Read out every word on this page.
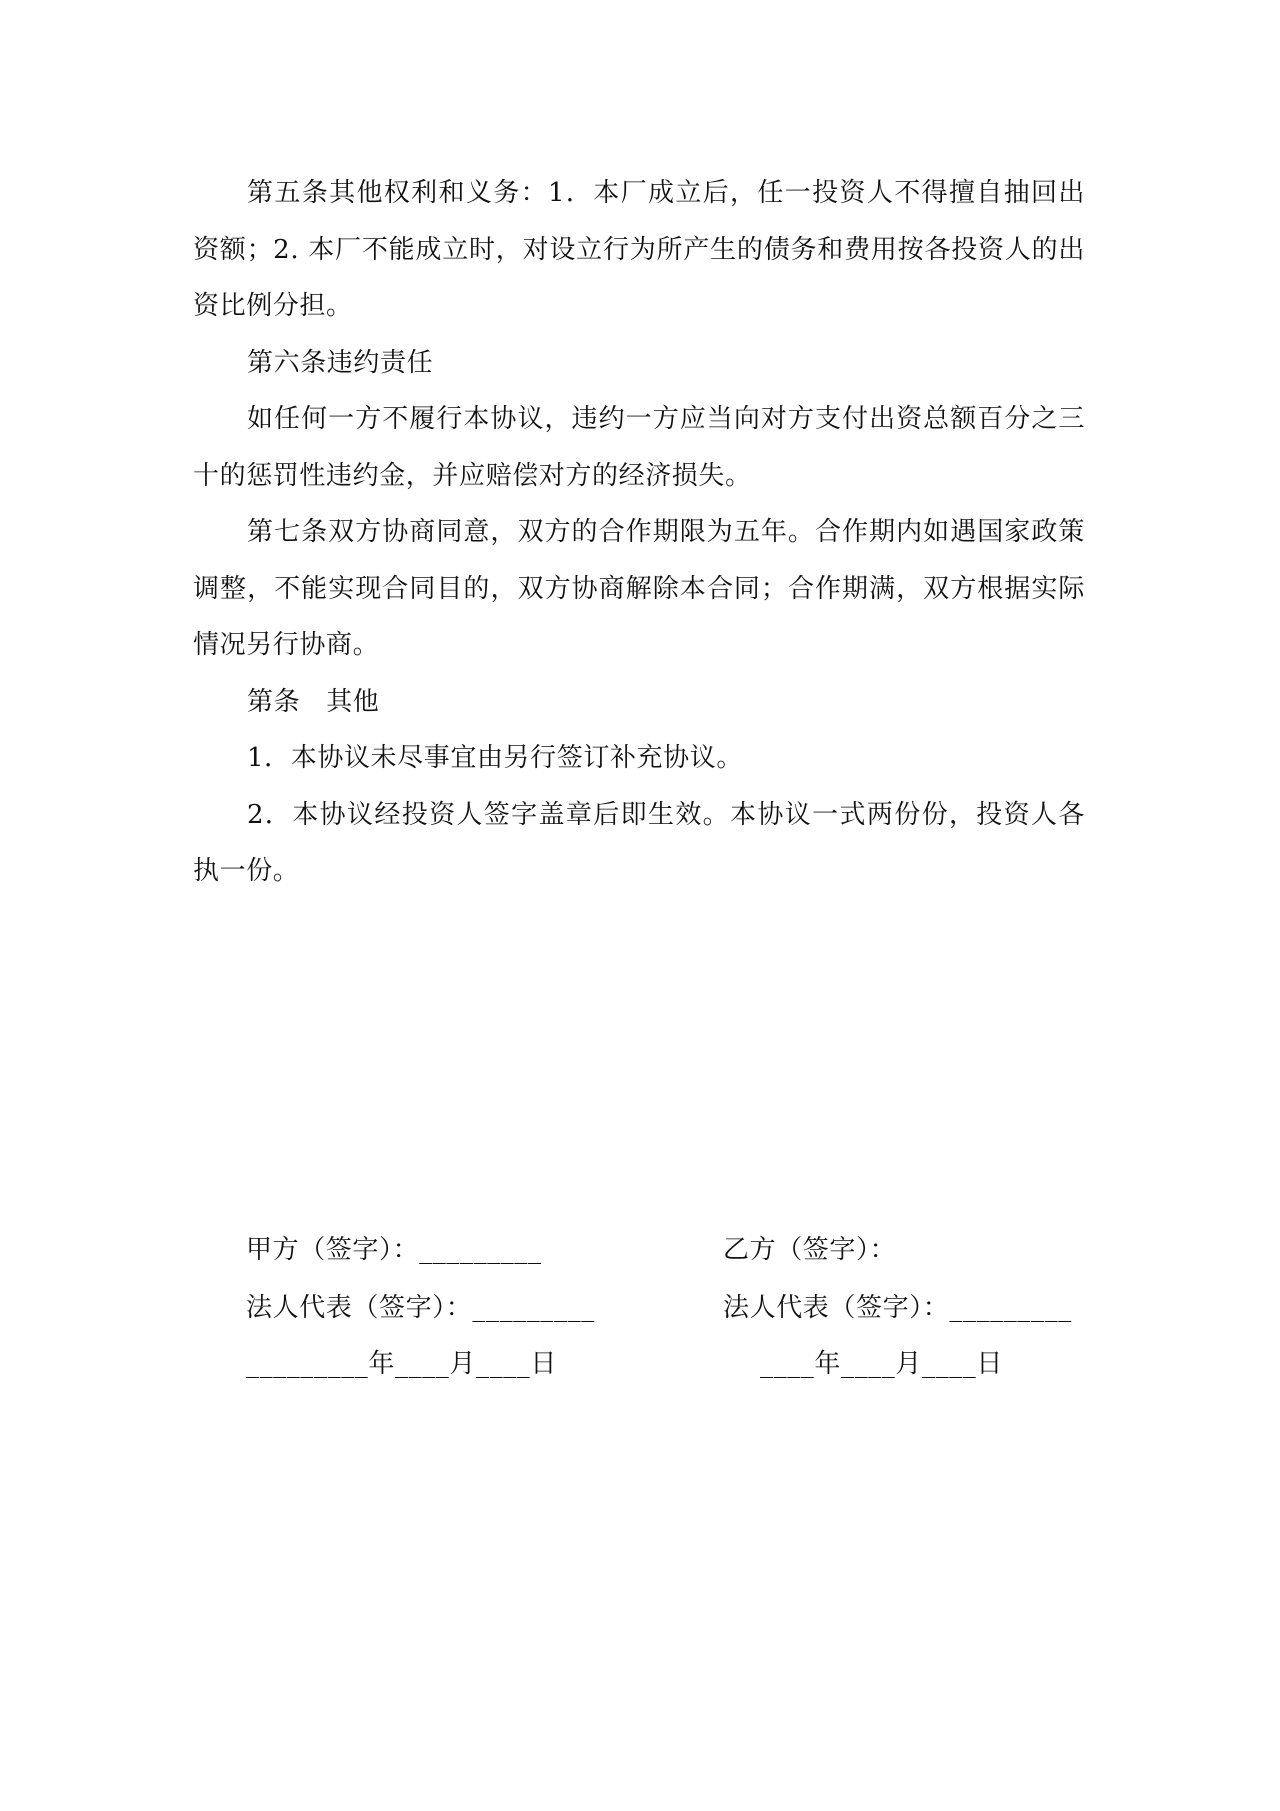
第五条其他权利和义务：1．本厂成立后，任一投资人不得擅自抽回出资额；2. 本厂不能成立时，对设立行为所产生的债务和费用按各投资人的出资比例分担。

第六条违约责任

如任何一方不履行本协议，违约一方应当向对方支付出资总额百分之三十的惩罚性违约金，并应赔偿对方的经济损失。

第七条双方协商同意，双方的合作期限为五年。合作期内如遇国家政策调整，不能实现合同目的，双方协商解除本合同；合作期满，双方根据实际情况另行协商。

第条 其他

1．本协议未尽事宜由另行签订补充协议。

2．本协议经投资人签字盖章后即生效。本协议一式两份份，投资人各执一份。

甲方（签字）：_________
法人代表（签字）：_________
_________年____月____日
乙方（签字）：
法人代表（签字）：_________
____年____月____日
